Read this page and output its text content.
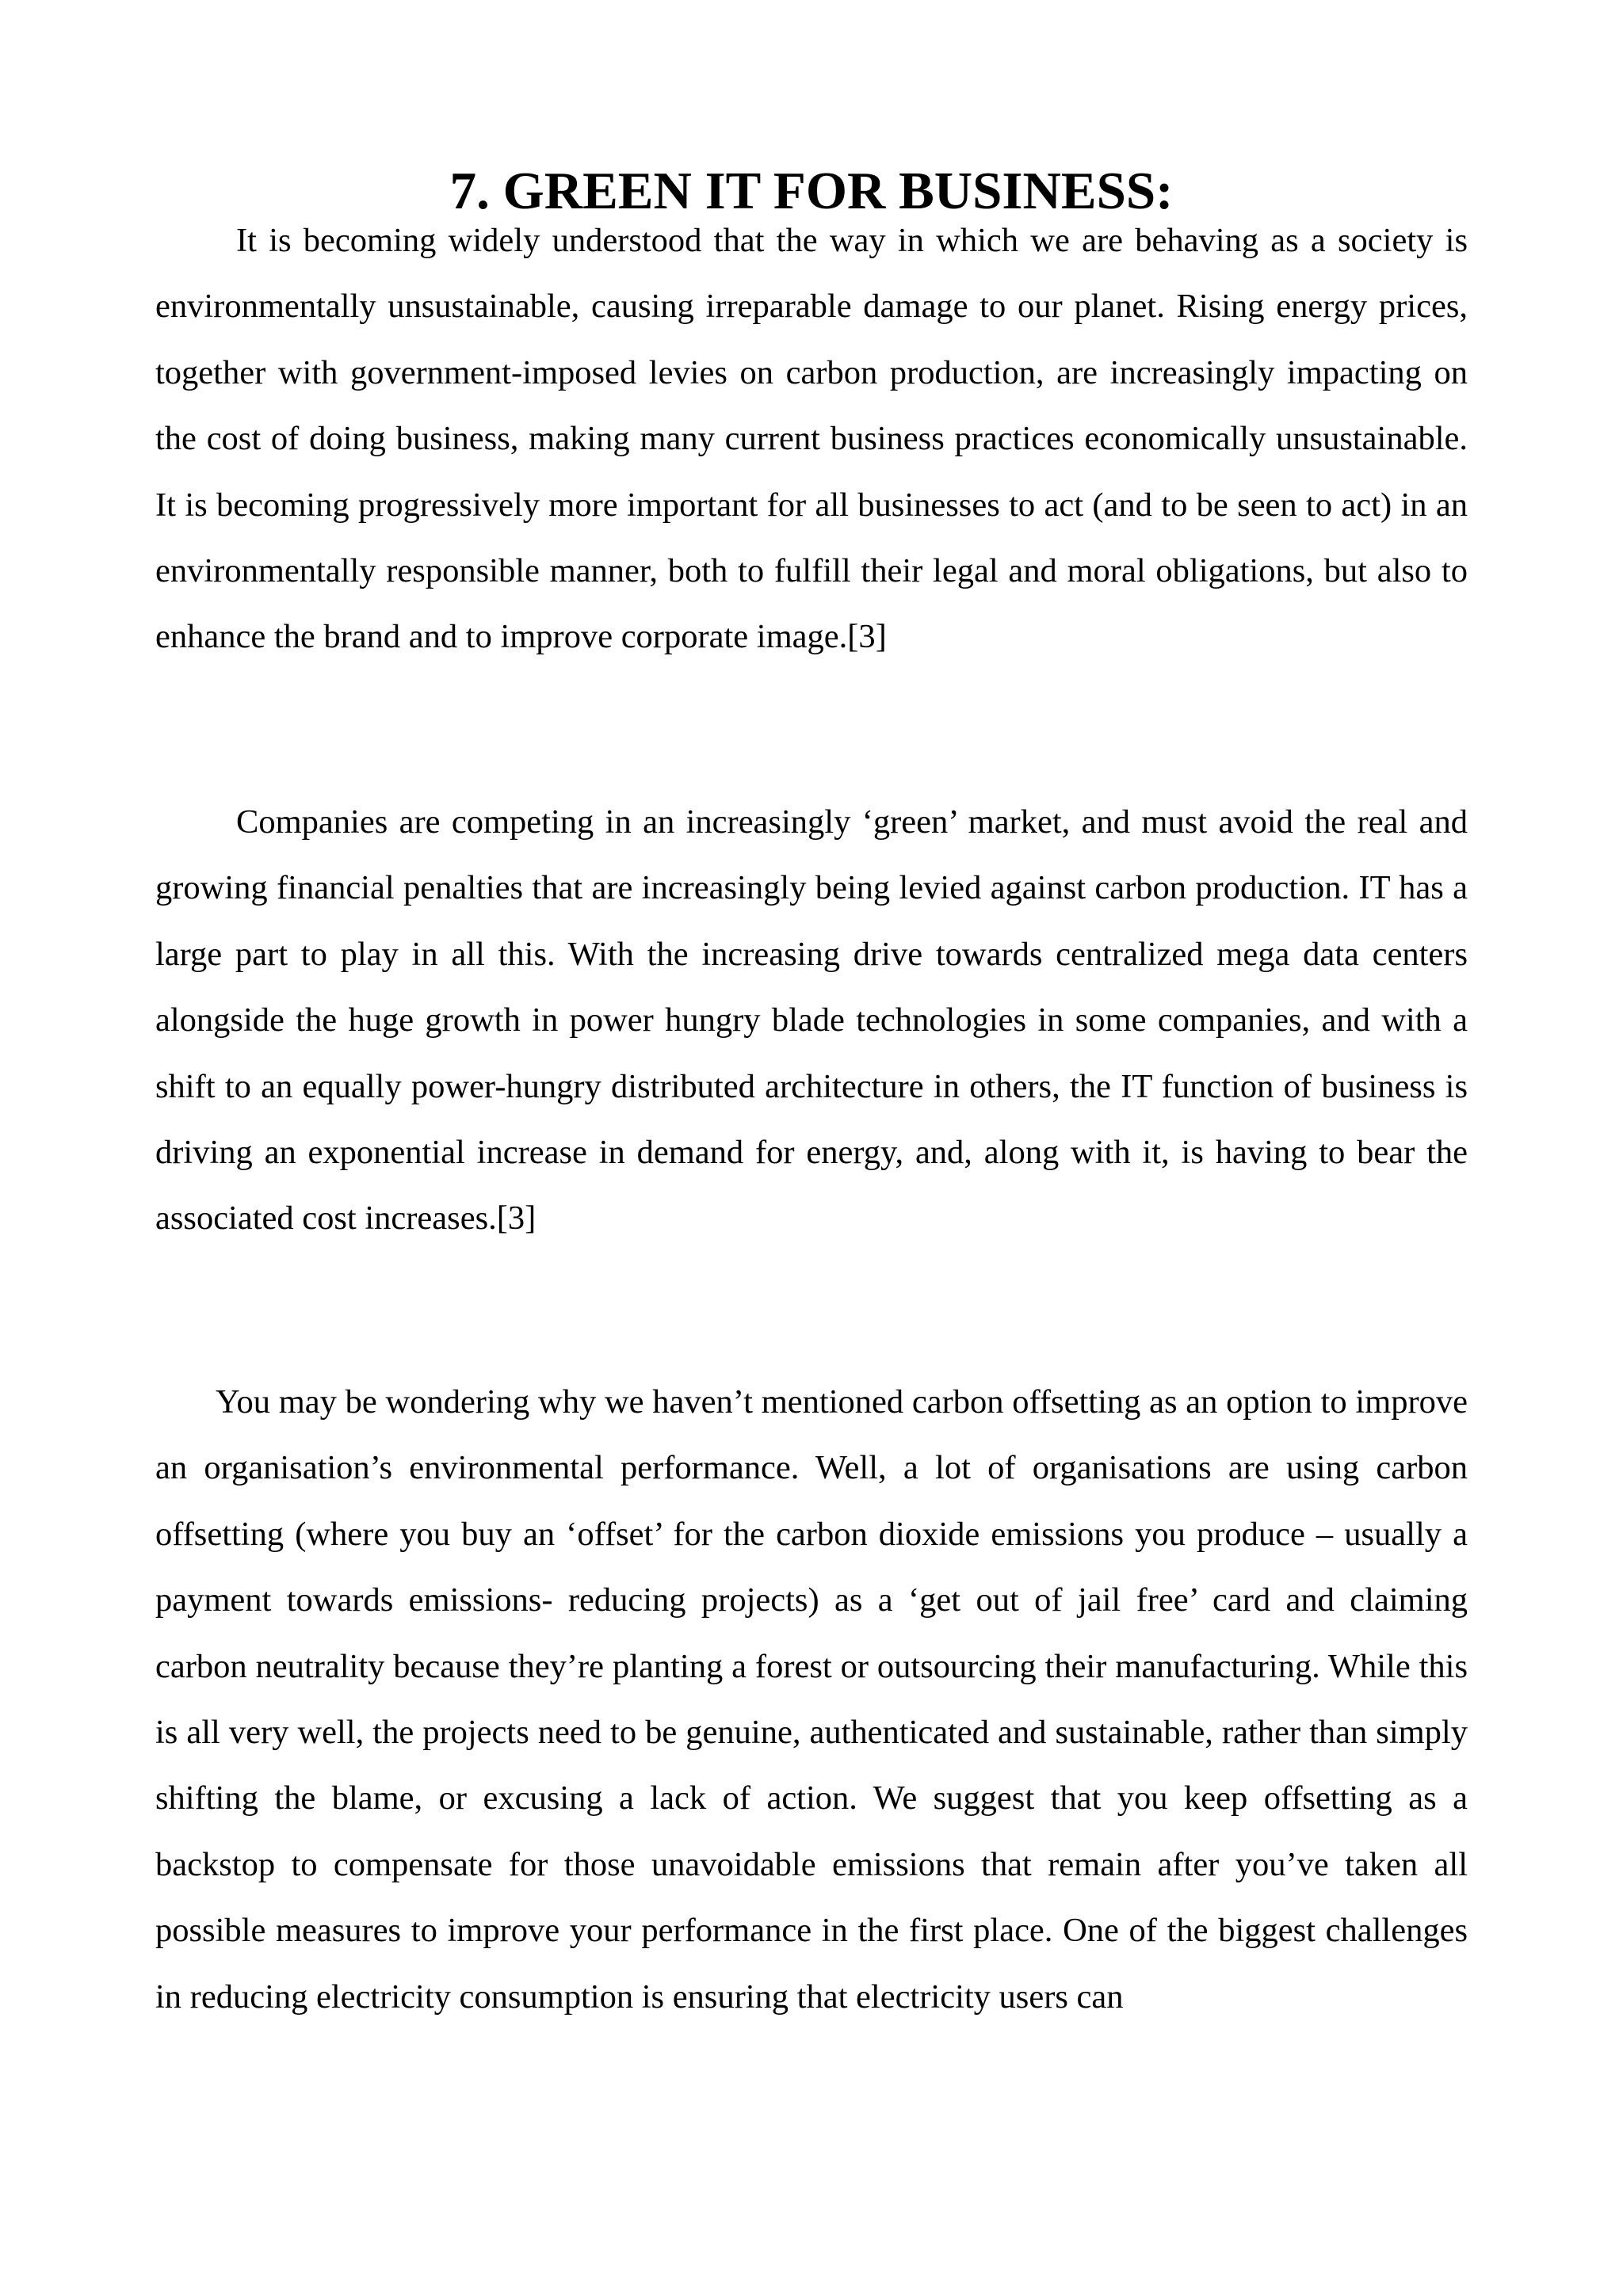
7. GREEN IT FOR BUSINESS:

It is becoming widely understood that the way in which we are behaving as a society is environmentally unsustainable, causing irreparable damage to our planet. Rising energy prices, together with government-imposed levies on carbon production, are increasingly impacting on the cost of doing business, making many current business practices economically unsustainable. It is becoming progressively more important for all businesses to act (and to be seen to act) in an environmentally responsible manner, both to fulfill their legal and moral obligations, but also to enhance the brand and to improve corporate image.[3]

Companies are competing in an increasingly ‘green’ market, and must avoid the real and growing financial penalties that are increasingly being levied against carbon production. IT has a large part to play in all this. With the increasing drive towards centralized mega data centers alongside the huge growth in power hungry blade technologies in some companies, and with a shift to an equally power-hungry distributed architecture in others, the IT function of business is driving an exponential increase in demand for energy, and, along with it, is having to bear the associated cost increases.[3]

You may be wondering why we haven’t mentioned carbon offsetting as an option to improve an organisation’s environmental performance. Well, a lot of organisations are using carbon offsetting (where you buy an ‘offset’ for the carbon dioxide emissions you produce – usually a payment towards emissions- reducing projects) as a ‘get out of jail free’ card and claiming carbon neutrality because they’re planting a forest or outsourcing their manufacturing. While this is all very well, the projects need to be genuine, authenticated and sustainable, rather than simply shifting the blame, or excusing a lack of action. We suggest that you keep offsetting as a backstop to compensate for those unavoidable emissions that remain after you’ve taken all possible measures to improve your performance in the first place. One of the biggest challenges in reducing electricity consumption is ensuring that electricity users can
